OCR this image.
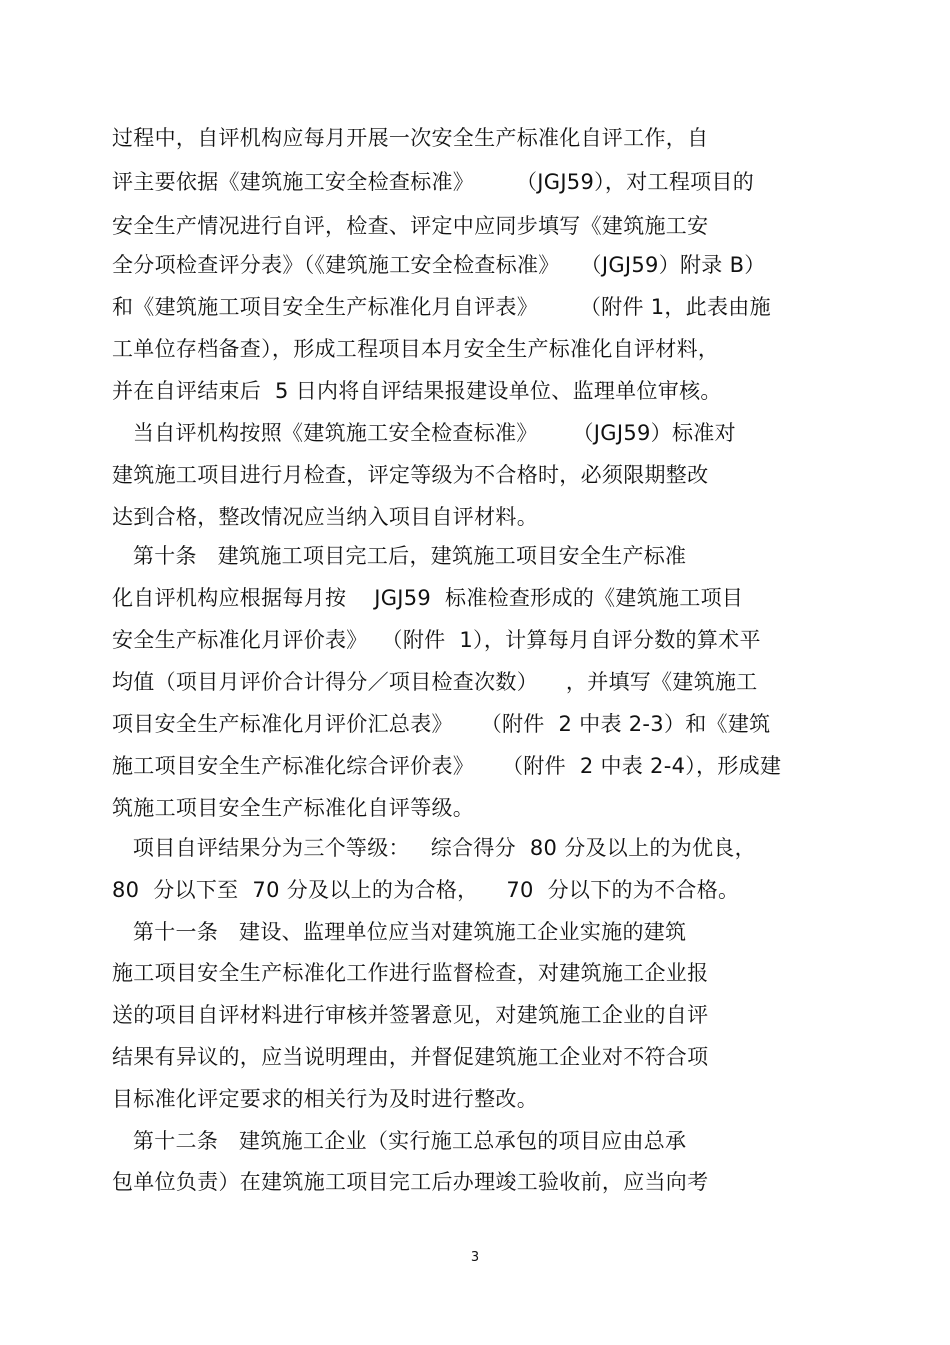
过程中，自评机构应每月开展一次安全生产标准化自评工作，自
评主要依据《建筑施工安全检查标准》      （JGJ59），对工程项目的
安全生产情况进行自评，检查、评定中应同步填写《建筑施工安
全分项检查评分表》（《建筑施工安全检查标准》   （JGJ59）附录 B）
和《建筑施工项目安全生产标准化月自评表》      （附件 1，此表由施
工单位存档备查），形成工程项目本月安全生产标准化自评材料，
并在自评结束后  5 日内将自评结果报建设单位、监理单位审核。
当自评机构按照《建筑施工安全检查标准》     （JGJ59）标准对
建筑施工项目进行月检查，评定等级为不合格时，必须限期整改
达到合格，整改情况应当纳入项目自评材料。
第十条   建筑施工项目完工后，建筑施工项目安全生产标准
化自评机构应根据每月按    JGJ59  标准检查形成的《建筑施工项目
安全生产标准化月评价表》  （附件  1），计算每月自评分数的算术平
均值（项目月评价合计得分／项目检查次数）    ，并填写《建筑施工
项目安全生产标准化月评价汇总表》    （附件  2 中表 2-3）和《建筑
施工项目安全生产标准化综合评价表》    （附件  2 中表 2-4），形成建
筑施工项目安全生产标准化自评等级。
项目自评结果分为三个等级：   综合得分  80 分及以上的为优良，
80  分以下至  70 分及以上的为合格，    70  分以下的为不合格。
第十一条   建设、监理单位应当对建筑施工企业实施的建筑
施工项目安全生产标准化工作进行监督检查，对建筑施工企业报
送的项目自评材料进行审核并签署意见，对建筑施工企业的自评
结果有异议的，应当说明理由，并督促建筑施工企业对不符合项
目标准化评定要求的相关行为及时进行整改。
第十二条   建筑施工企业（实行施工总承包的项目应由总承
包单位负责）在建筑施工项目完工后办理竣工验收前，应当向考
3
